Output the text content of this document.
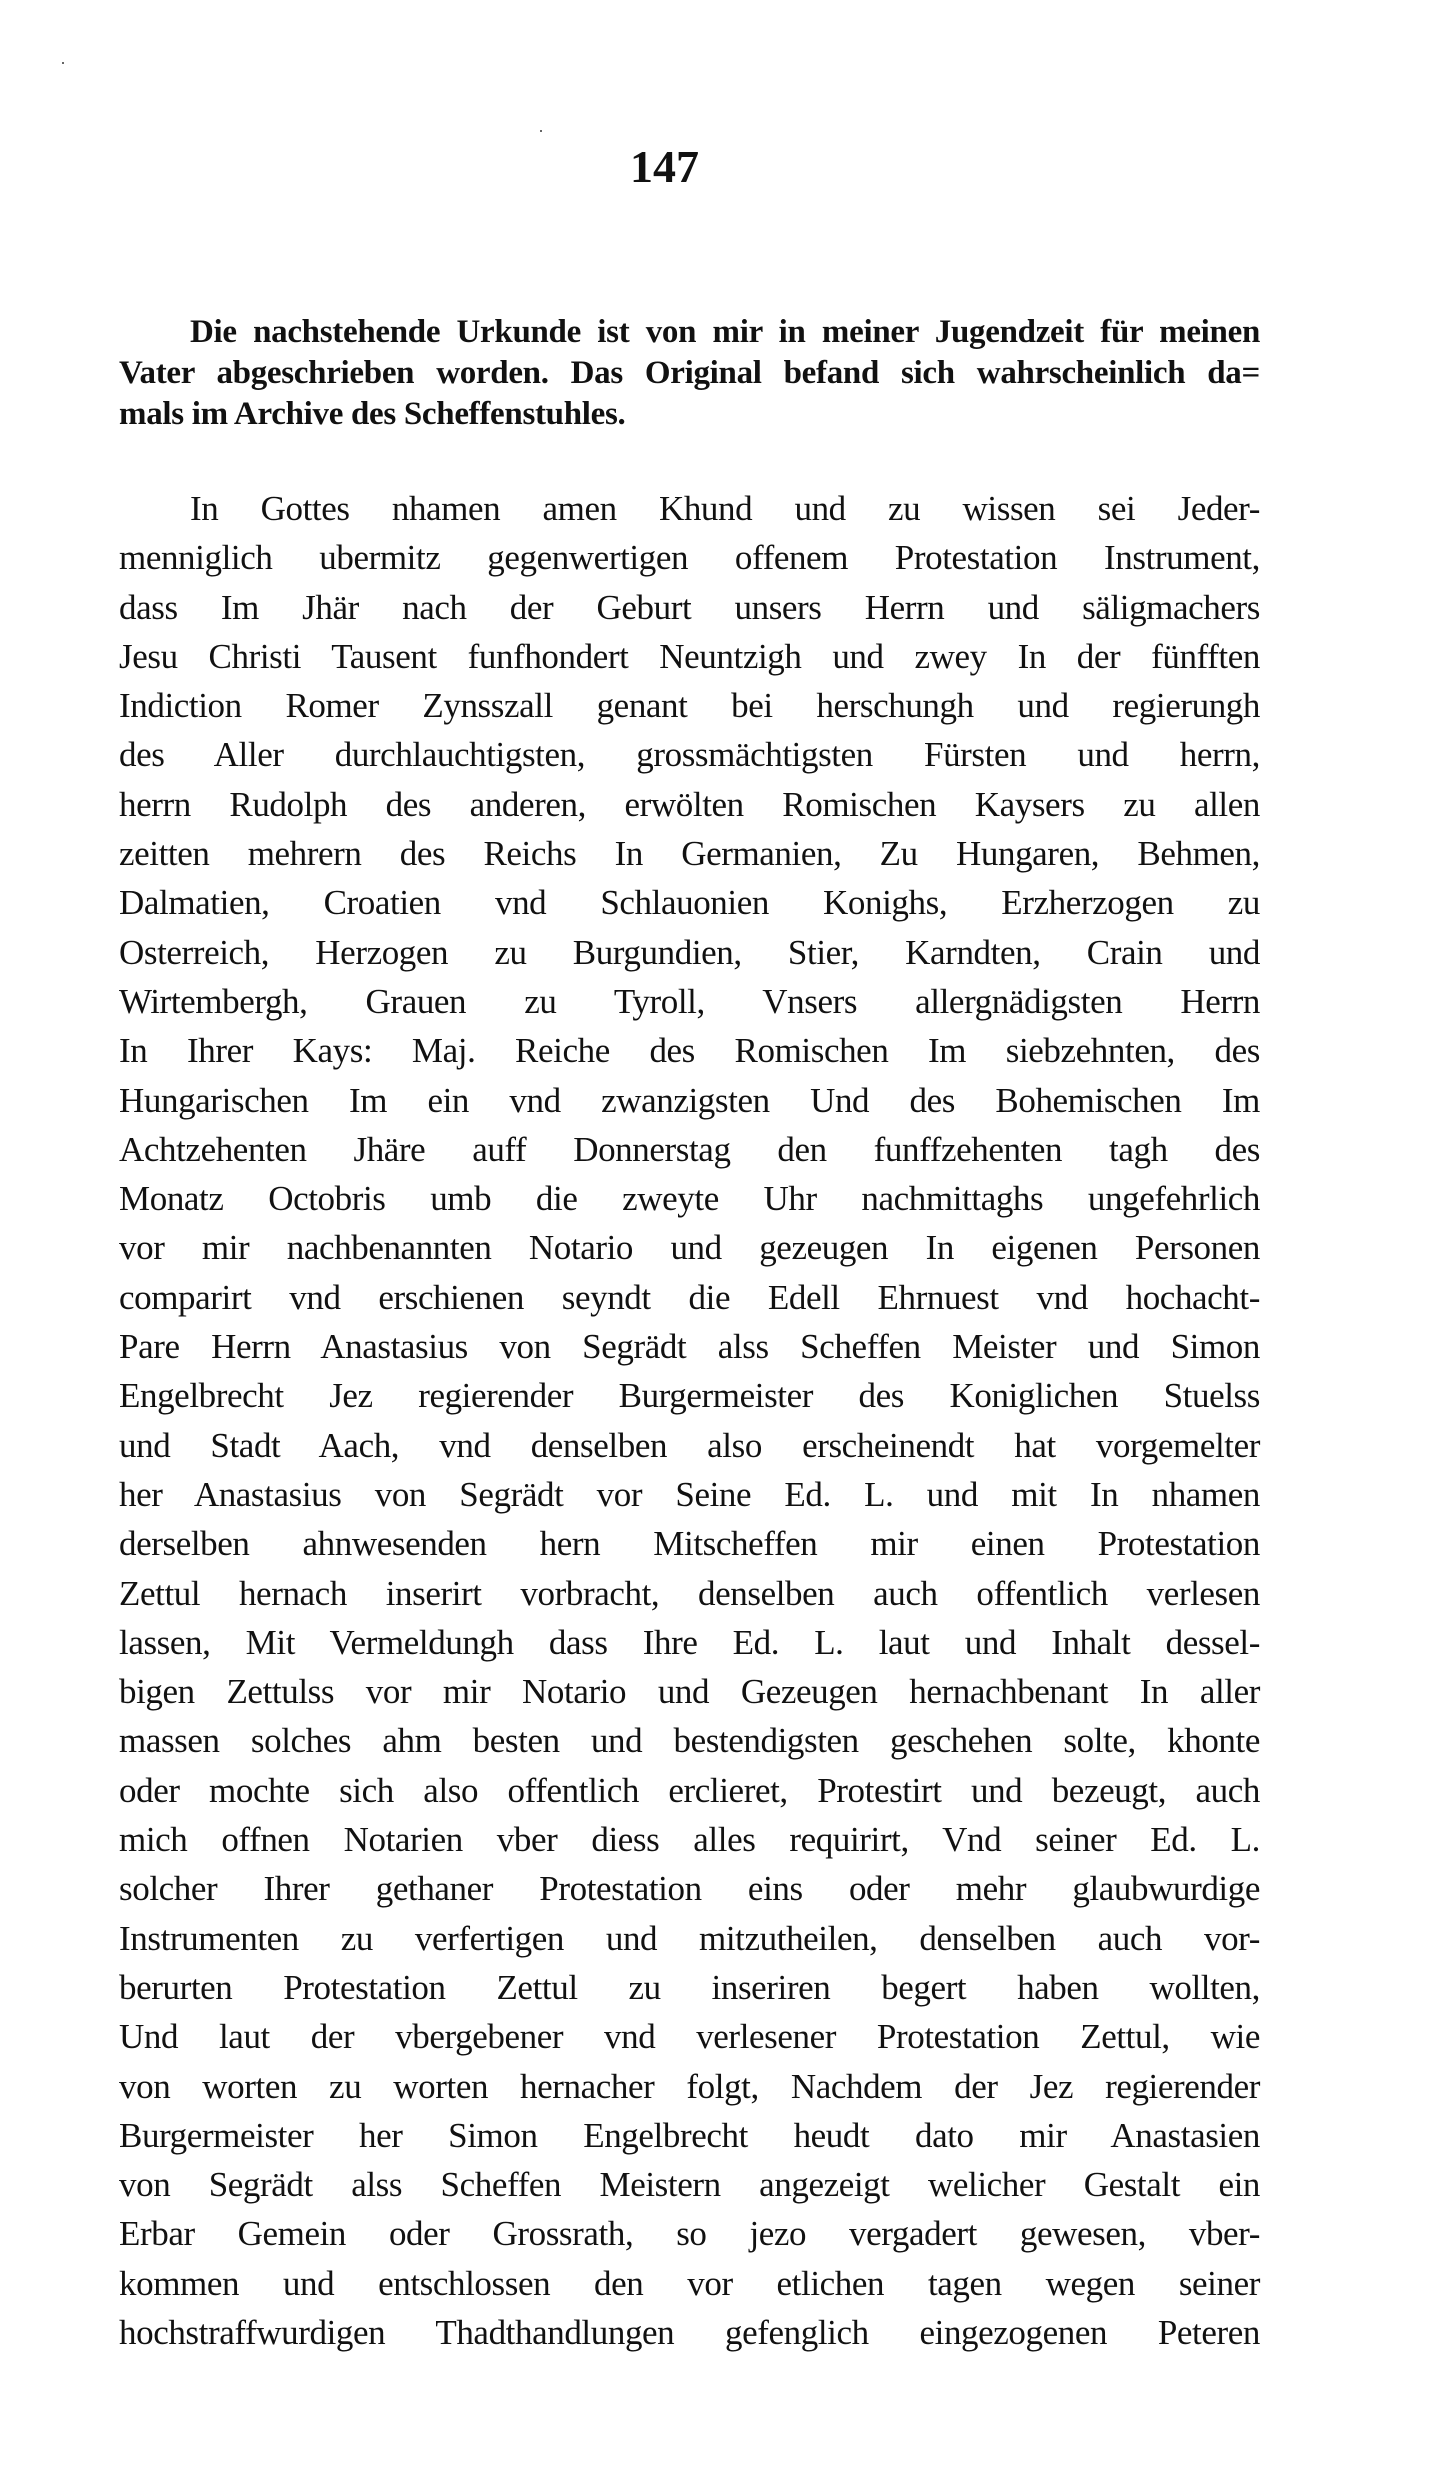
147
Die nachstehende Urkunde ist von mir in meiner Jugendzeit für meinen
Vater abgeschrieben worden. Das Original befand sich wahrscheinlich da=
mals im Archive des Scheffenstuhles.
In Gottes nhamen amen Khund und zu wissen sei Jeder-
menniglich ubermitz gegenwertigen offenem Protestation Instrument,
dass Im Jhär nach der Geburt unsers Herrn und säligmachers
Jesu Christi Tausent funfhondert Neuntzigh und zwey In der fünfften
Indiction Romer Zynsszall genant bei herschungh und regierungh
des Aller durchlauchtigsten, grossmächtigsten Fürsten und herrn,
herrn Rudolph des anderen, erwölten Romischen Kaysers zu allen
zeitten mehrern des Reichs In Germanien, Zu Hungaren, Behmen,
Dalmatien, Croatien vnd Schlauonien Konighs, Erzherzogen zu
Osterreich, Herzogen zu Burgundien, Stier, Karndten, Crain und
Wirtembergh, Grauen zu Tyroll, Vnsers allergnädigsten Herrn
In Ihrer Kays: Maj. Reiche des Romischen Im siebzehnten, des
Hungarischen Im ein vnd zwanzigsten Und des Bohemischen Im
Achtzehenten Jhäre auff Donnerstag den funffzehenten tagh des
Monatz Octobris umb die zweyte Uhr nachmittaghs ungefehrlich
vor mir nachbenannten Notario und gezeugen In eigenen Personen
comparirt vnd erschienen seyndt die Edell Ehrnuest vnd hochacht-
Pare Herrn Anastasius von Segrädt alss Scheffen Meister und Simon
Engelbrecht Jez regierender Burgermeister des Koniglichen Stuelss
und Stadt Aach, vnd denselben also erscheinendt hat vorgemelter
her Anastasius von Segrädt vor Seine Ed. L. und mit In nhamen
derselben ahnwesenden hern Mitscheffen mir einen Protestation
Zettul hernach inserirt vorbracht, denselben auch offentlich verlesen
lassen, Mit Vermeldungh dass Ihre Ed. L. laut und Inhalt dessel-
bigen Zettulss vor mir Notario und Gezeugen hernachbenant In aller
massen solches ahm besten und bestendigsten geschehen solte, khonte
oder mochte sich also offentlich erclieret, Protestirt und bezeugt, auch
mich offnen Notarien vber diess alles requirirt, Vnd seiner Ed. L.
solcher Ihrer gethaner Protestation eins oder mehr glaubwurdige
Instrumenten zu verfertigen und mitzutheilen, denselben auch vor-
berurten Protestation Zettul zu inseriren begert haben wollten,
Und laut der vbergebener vnd verlesener Protestation Zettul, wie
von worten zu worten hernacher folgt, Nachdem der Jez regierender
Burgermeister her Simon Engelbrecht heudt dato mir Anastasien
von Segrädt alss Scheffen Meistern angezeigt welicher Gestalt ein
Erbar Gemein oder Grossrath, so jezo vergadert gewesen, vber-
kommen und entschlossen den vor etlichen tagen wegen seiner
hochstraffwurdigen Thadthandlungen gefenglich eingezogenen Peteren
